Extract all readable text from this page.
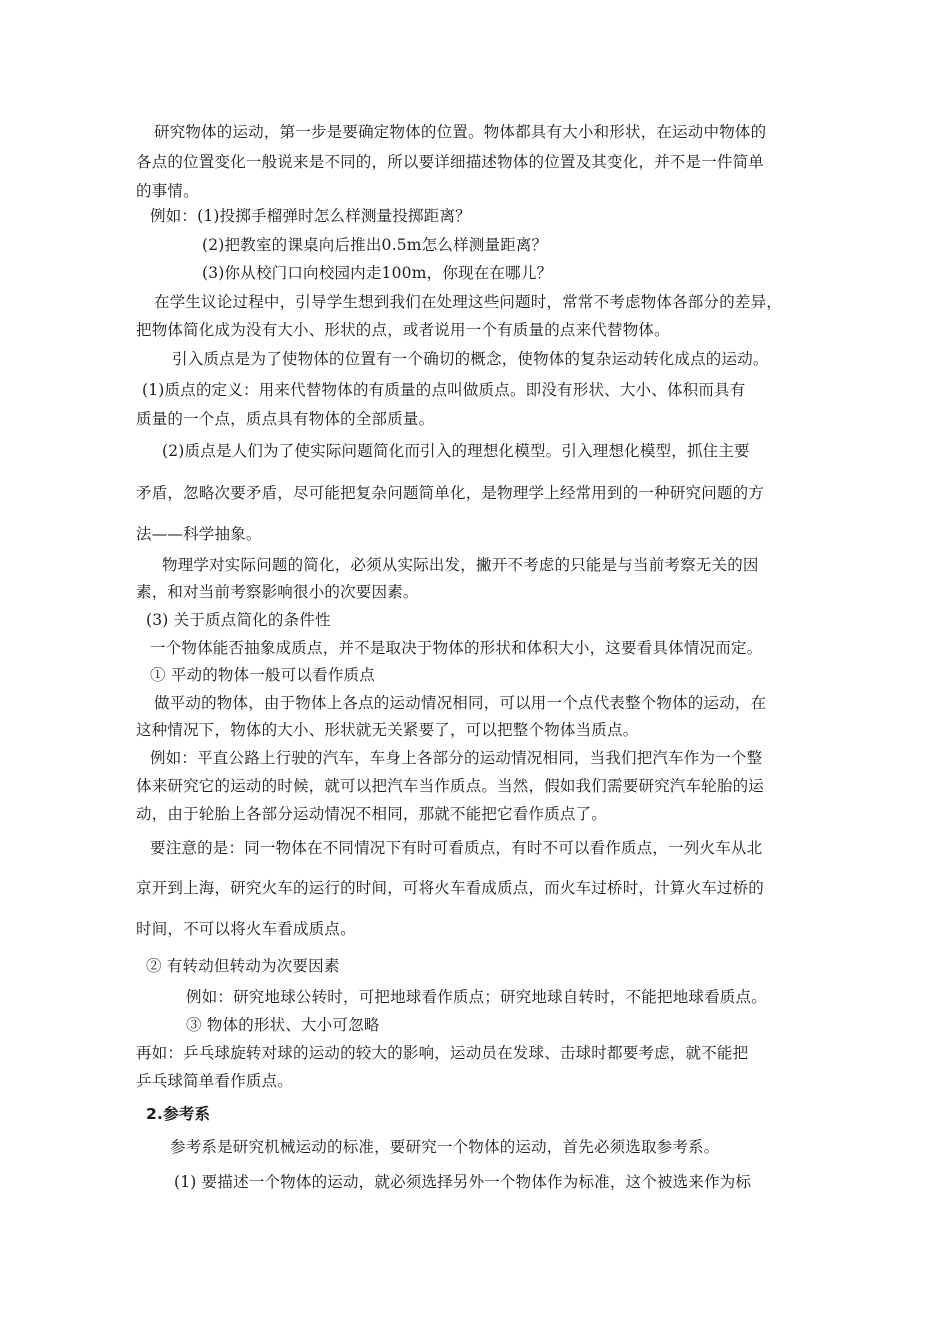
研究物体的运动，第一步是要确定物体的位置。物体都具有大小和形状，在运动中物体的
各点的位置变化一般说来是不同的，所以要详细描述物体的位置及其变化，并不是一件简单
的事情。
例如：(1)投掷手榴弹时怎么样测量投掷距离？
(2)把教室的课桌向后推出0.5m怎么样测量距离？
(3)你从校门口向校园内走100m，你现在在哪儿？
在学生议论过程中，引导学生想到我们在处理这些问题时，常常不考虑物体各部分的差异，
把物体简化成为没有大小、形状的点，或者说用一个有质量的点来代替物体。
引入质点是为了使物体的位置有一个确切的概念，使物体的复杂运动转化成点的运动。
(1)质点的定义：用来代替物体的有质量的点叫做质点。即没有形状、大小、体积而具有
质量的一个点，质点具有物体的全部质量。
(2)质点是人们为了使实际问题简化而引入的理想化模型。引入理想化模型，抓住主要
矛盾，忽略次要矛盾，尽可能把复杂问题简单化，是物理学上经常用到的一种研究问题的方
法——科学抽象。
物理学对实际问题的简化，必须从实际出发，撇开不考虑的只能是与当前考察无关的因
素，和对当前考察影响很小的次要因素。
(3) 关于质点简化的条件性
一个物体能否抽象成质点，并不是取决于物体的形状和体积大小，这要看具体情况而定。
① 平动的物体一般可以看作质点
做平动的物体，由于物体上各点的运动情况相同，可以用一个点代表整个物体的运动，在
这种情况下，物体的大小、形状就无关紧要了，可以把整个物体当质点。
例如：平直公路上行驶的汽车，车身上各部分的运动情况相同，当我们把汽车作为一个整
体来研究它的运动的时候，就可以把汽车当作质点。当然，假如我们需要研究汽车轮胎的运
动，由于轮胎上各部分运动情况不相同，那就不能把它看作质点了。
要注意的是：同一物体在不同情况下有时可看质点，有时不可以看作质点，一列火车从北
京开到上海，研究火车的运行的时间，可将火车看成质点，而火车过桥时，计算火车过桥的
时间，不可以将火车看成质点。
② 有转动但转动为次要因素
例如：研究地球公转时，可把地球看作质点；研究地球自转时，不能把地球看质点。
③ 物体的形状、大小可忽略
再如：乒乓球旋转对球的运动的较大的影响，运动员在发球、击球时都要考虑，就不能把
乒乓球简单看作质点。
2.参考系
参考系是研究机械运动的标准，要研究一个物体的运动，首先必须选取参考系。
(1) 要描述一个物体的运动，就必须选择另外一个物体作为标准，这个被选来作为标
